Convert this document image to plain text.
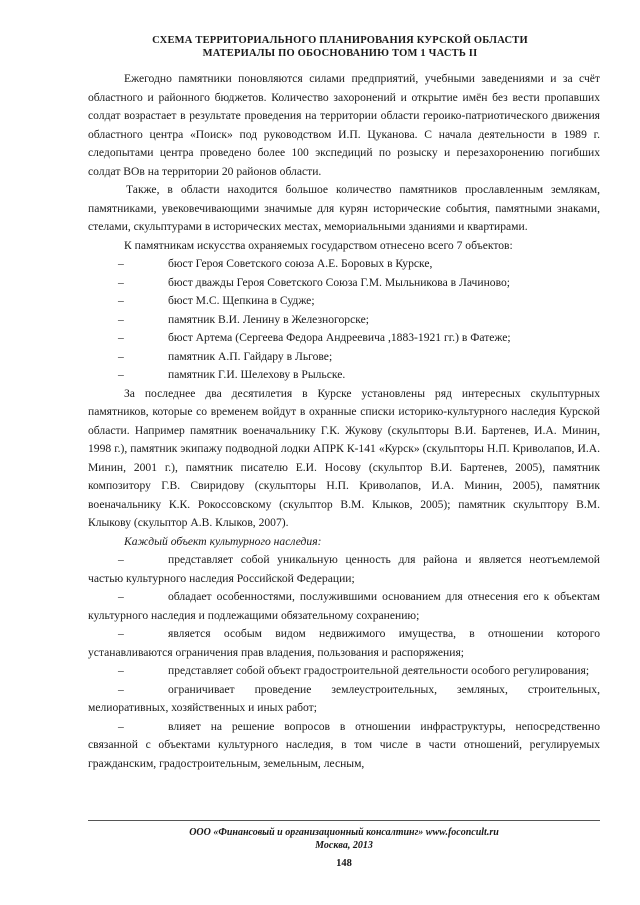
СХЕМА ТЕРРИТОРИАЛЬНОГО ПЛАНИРОВАНИЯ КУРСКОЙ ОБЛАСТИ
МАТЕРИАЛЫ ПО ОБОСНОВАНИЮ ТОМ 1 ЧАСТЬ II

Ежегодно памятники поновляются силами предприятий, учебными заведениями и за счёт областного и районного бюджетов. Количество захоронений и открытие имён без вести пропавших солдат возрастает в результате проведения на территории области героико-патриотического движения областного центра «Поиск» под руководством И.П. Цуканова. С начала деятельности в 1989 г. следопытами центра проведено более 100 экспедиций по розыску и перезахоронению погибших солдат ВОв на территории 20 районов области.

Также, в области находится большое количество памятников прославленным землякам, памятниками, увековечивающими значимые для курян исторические события, памятными знаками, стелами, скульптурами в исторических местах, мемориальными зданиями и квартирами.

К памятникам искусства охраняемых государством отнесено всего 7 объектов:

–	бюст Героя Советского союза А.Е. Боровых в Курске,
–	бюст дважды Героя Советского Союза Г.М. Мыльникова в Лачиново;
–	бюст М.С. Щепкина в Судже;
–	памятник В.И. Ленину в Железногорске;
–	бюст Артема (Сергеева Федора Андреевича ,1883-1921 гг.) в Фатеже;
–	памятник А.П. Гайдару в Льгове;
–	памятник Г.И. Шелехову в Рыльске.

За последнее два десятилетия в Курске установлены ряд интересных скульптурных памятников, которые со временем войдут в охранные списки историко-культурного наследия Курской области. Например памятник военачальнику Г.К. Жукову (скульпторы В.И. Бартенев, И.А. Минин, 1998 г.), памятник экипажу подводной лодки АПРК К-141 «Курск» (скульпторы Н.П. Криволапов, И.А. Минин, 2001 г.), памятник писателю Е.И. Носову (скульптор В.И. Бартенев, 2005), памятник композитору Г.В. Свиридову (скульпторы Н.П. Криволапов, И.А. Минин, 2005), памятник военачальнику К.К. Рокоссовскому (скульптор В.М. Клыков, 2005); памятник скульптору В.М. Клыкову (скульптор А.В. Клыков, 2007).

Каждый объект культурного наследия:

–	представляет собой уникальную ценность для района и является неотъемлемой частью культурного наследия Российской Федерации;

–	обладает особенностями, послужившими основанием для отнесения его к объектам культурного наследия и подлежащими обязательному сохранению;

–	является особым видом недвижимого имущества, в отношении которого устанавливаются ограничения прав владения, пользования и распоряжения;

–	представляет собой объект градостроительной деятельности особого регулирования;

–	ограничивает проведение землеустроительных, земляных, строительных, мелиоративных, хозяйственных и иных работ;

–	влияет на решение вопросов в отношении инфраструктуры, непосредственно связанной с объектами культурного наследия, в том числе в части отношений, регулируемых гражданским, градостроительным, земельным, лесным,

ООО «Финансовый и организационный консалтинг» www.foconcult.ru
Москва, 2013
148
